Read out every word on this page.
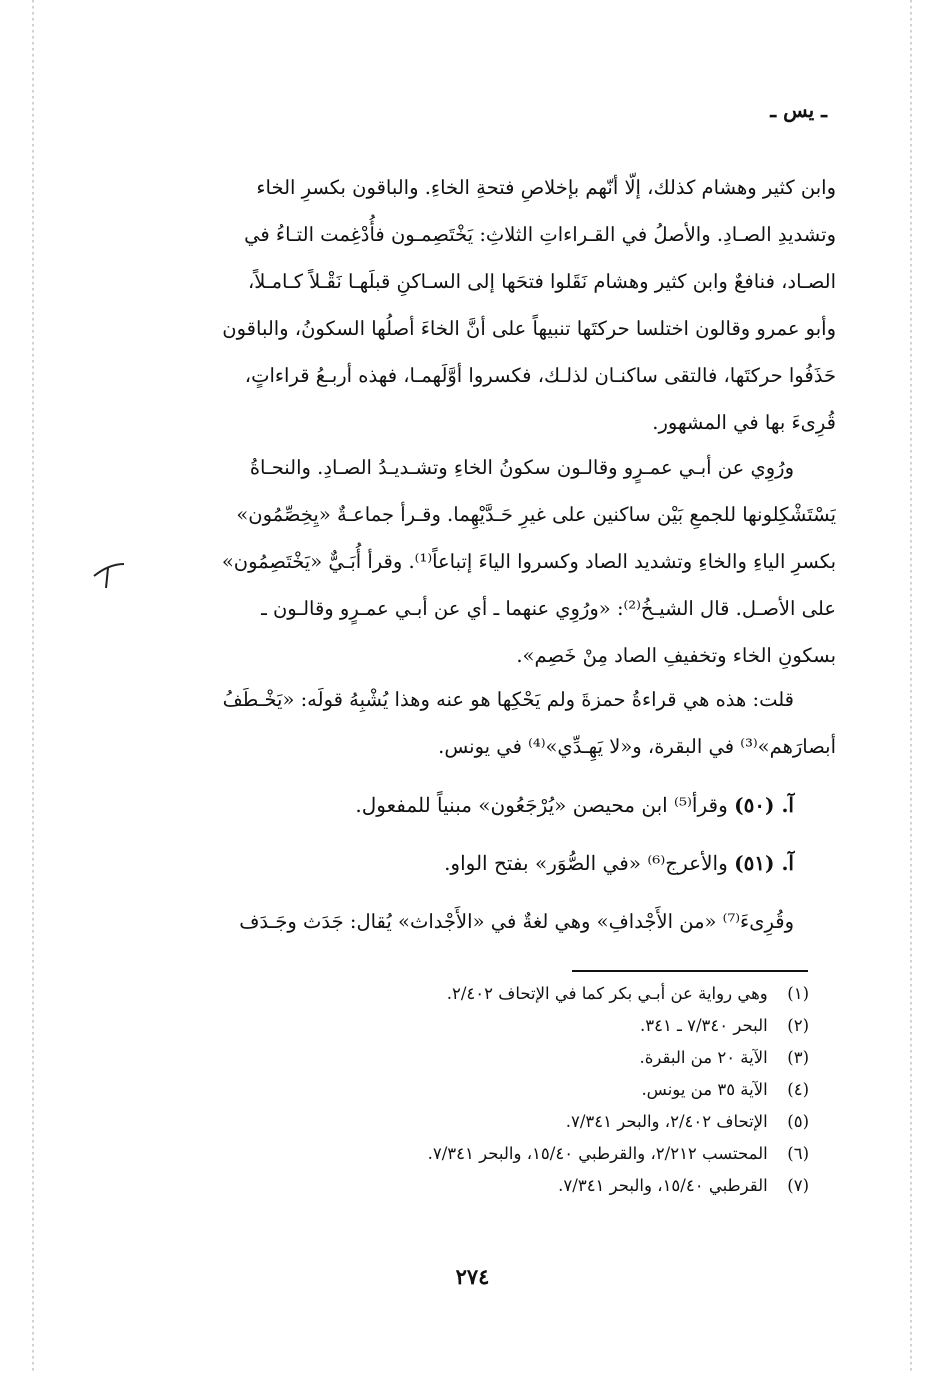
ـ يس ـ
وابن كثير وهشام كذلك، إلّا أنّهم بإخلاصِ فتحةِ الخاءِ. والباقون بكسرِ الخاء
وتشديدِ الصـادِ. والأصلُ في القـراءاتِ الثلاثِ: يَخْتَصِمـون فأُدْغِمت التـاءُ في
الصـاد، فنافعٌ وابن كثير وهشام نَقَلوا فتحَها إلى السـاكنِ قبلَهـا نَقْـلاً كـامـلاً،
وأبو عمرو وقالون اختلسا حركتَها تنبيهاً على أنَّ الخاءَ أصلُها السكونُ، والباقون
حَذَفُوا حركتَها، فالتقى ساكنـان لذلـك، فكسروا أوَّلَهمـا، فهذه أربـعُ قراءاتٍ،
قُرِىءَ بها في المشهور.
ورُوِي عن أبـي عمـرٍو وقالـون سكونُ الخاءِ وتشـديـدُ الصـادِ. والنحـاةُ
يَسْتَشْكِلونها للجمعِ بَيْن ساكنين على غيرِ حَـدَّيْهِما. وقـرأ جماعـةٌ «يِخِصِّمُون»
بكسرِ الياءِ والخاءِ وتشديد الصاد وكسروا الياءَ إتباعاً⁽¹⁾. وقرأ أُبَـيٌّ «يَخْتَصِمُون»
على الأصـل. قال الشيـخُ⁽²⁾: «ورُوِي عنهما ـ أي عن أبـي عمـرٍو وقالـون ـ
بسكونِ الخاء وتخفيفِ الصاد مِنْ خَصِم».
قلت: هذه هي قراءةُ حمزةَ ولم يَحْكِها هو عنه وهذا يُشْبِهُ قولَه: «يَخْـطَفُ
أبصارَهم»⁽³⁾ في البقرة، و«لا يَهِـدِّي»⁽⁴⁾ في يونس.
آ. (٥٠) وقرأ⁽⁵⁾ ابن محيصن «يُرْجَعُون» مبنياً للمفعول.
آ. (٥١) والأعرج⁽⁶⁾ «في الصُّوَر» بفتح الواو.
وقُرِىءَ⁽⁷⁾ «من الأَجْدافِ» وهي لغةٌ في «الأَجْداث» يُقال: جَدَث وجَـدَف
(١) وهي رواية عن أبـي بكر كما في الإتحاف ٢/٤٠٢.
(٢) البحر ٧/٣٤٠ ـ ٣٤١.
(٣) الآية ٢٠ من البقرة.
(٤) الآية ٣٥ من يونس.
(٥) الإتحاف ٢/٤٠٢، والبحر ٧/٣٤١.
(٦) المحتسب ٢/٢١٢، والقرطبي ١٥/٤٠، والبحر ٧/٣٤١.
(٧) القرطبي ١٥/٤٠، والبحر ٧/٣٤١.
٢٧٤
